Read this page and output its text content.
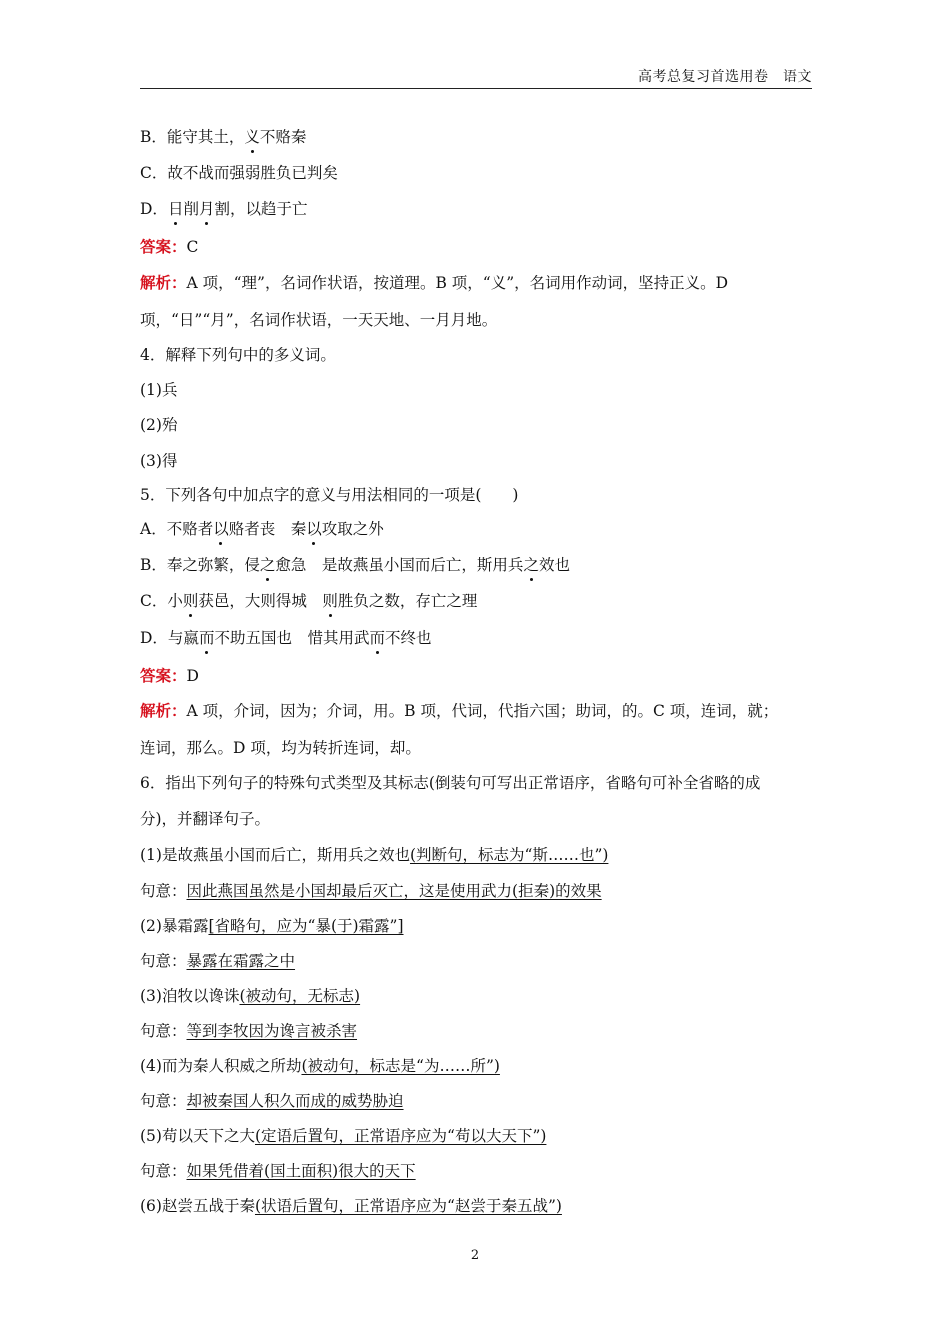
高考总复习首选用卷　语文
B．能守其土，义不赂秦
C．故不战而强弱胜负已判矣
D．日削月割，以趋于亡
答案：C
解析：A 项，“理”，名词作状语，按道理。B 项，“义”，名词用作动词，坚持正义。D
项，“日”“月”，名词作状语，一天天地、一月月地。
4．解释下列句中的多义词。
(1)兵
(2)殆
(3)得
5．下列各句中加点字的意义与用法相同的一项是(　　)
A．不赂者以赂者丧　秦以攻取之外
B．奉之弥繁，侵之愈急　是故燕虽小国而后亡，斯用兵之效也
C．小则获邑，大则得城　则胜负之数，存亡之理
D．与嬴而不助五国也　惜其用武而不终也
答案：D
解析：A 项，介词，因为；介词，用。B 项，代词，代指六国；助词，的。C 项，连词，就；
连词，那么。D 项，均为转折连词，却。
6．指出下列句子的特殊句式类型及其标志(倒装句可写出正常语序，省略句可补全省略的成
分)，并翻译句子。
(1)是故燕虽小国而后亡，斯用兵之效也(判断句，标志为“斯……也”)
句意：因此燕国虽然是小国却最后灭亡，这是使用武力(拒秦)的效果
(2)暴霜露[省略句，应为“暴(于)霜露”]
句意：暴露在霜露之中
(3)洎牧以谗诛(被动句，无标志)
句意：等到李牧因为谗言被杀害
(4)而为秦人积威之所劫(被动句，标志是“为……所”)
句意：却被秦国人积久而成的威势胁迫
(5)苟以天下之大(定语后置句，正常语序应为“苟以大天下”)
句意：如果凭借着(国土面积)很大的天下
(6)赵尝五战于秦(状语后置句，正常语序应为“赵尝于秦五战”)
2
